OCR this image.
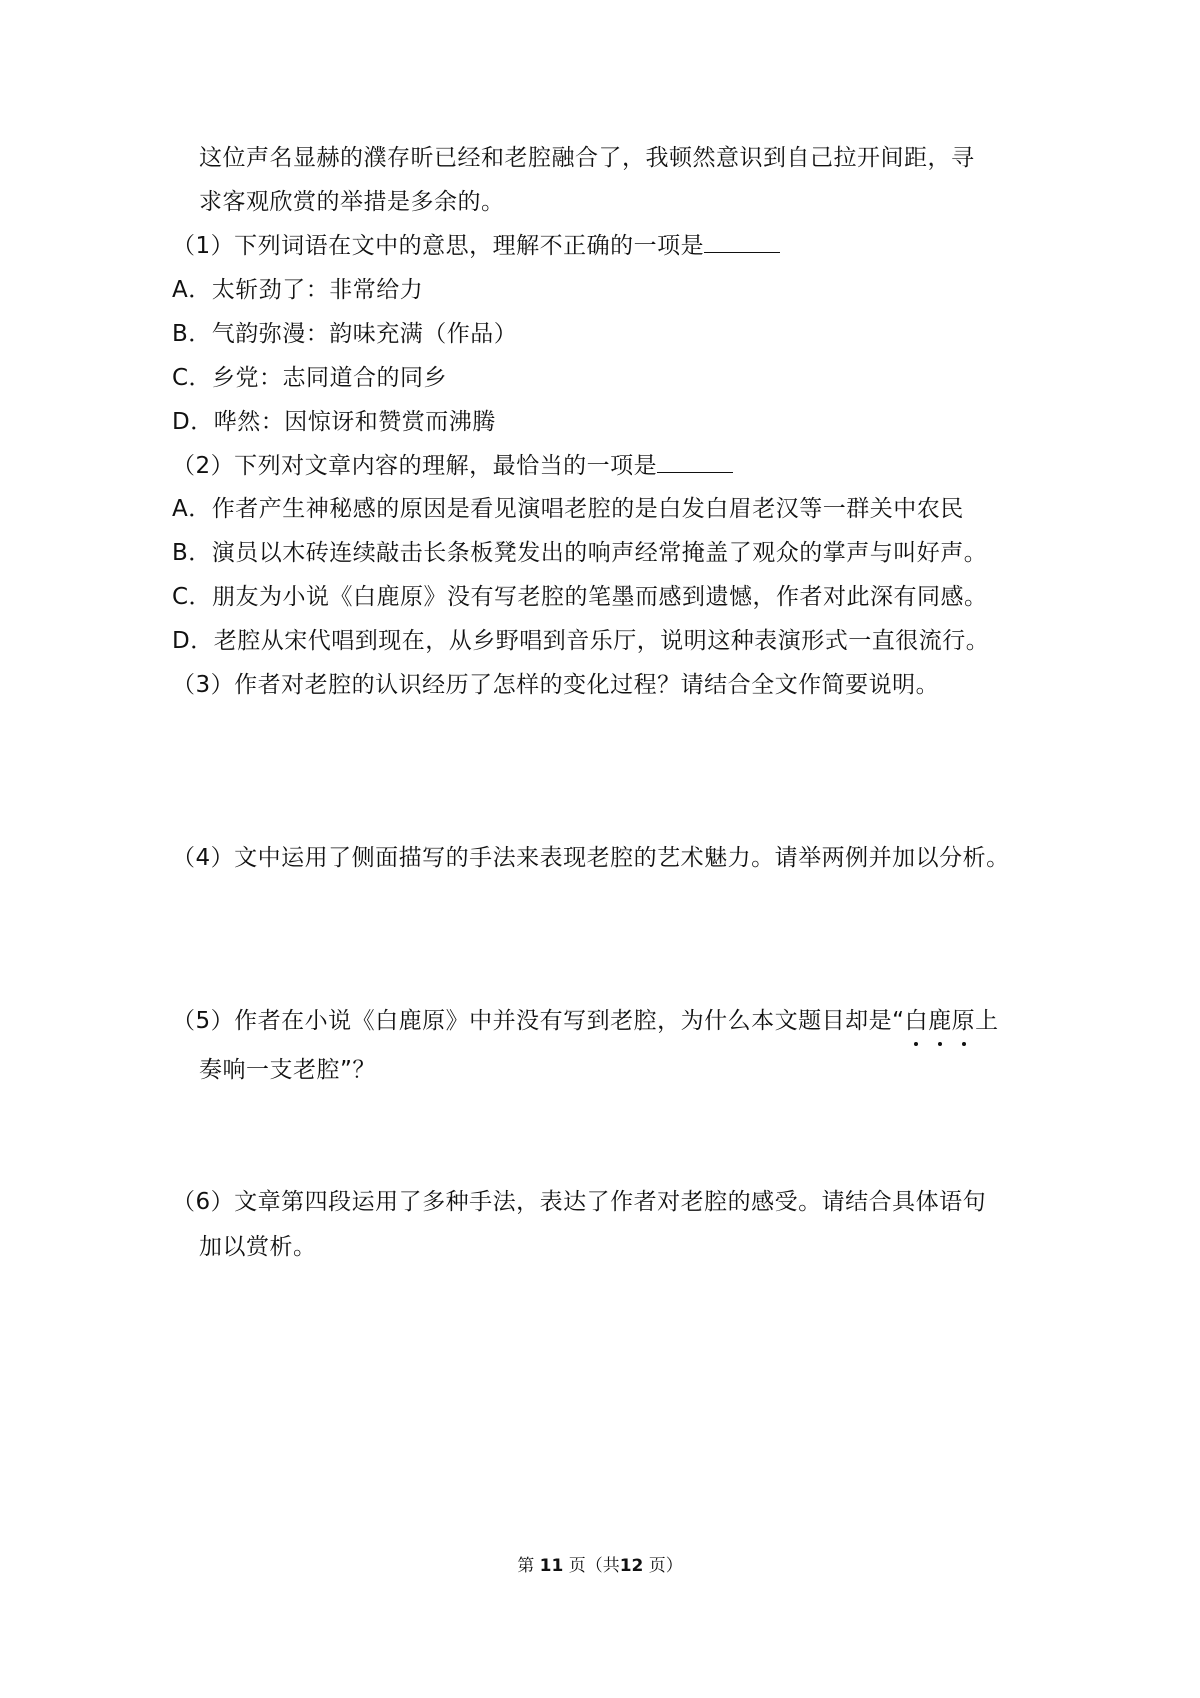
这位声名显赫的濮存昕已经和老腔融合了，我顿然意识到自己拉开间距，寻
求客观欣赏的举措是多余的。
（1）下列词语在文中的意思，理解不正确的一项是
A．太斩劲了：非常给力
B．气韵弥漫：韵味充满（作品）
C．乡党：志同道合的同乡
D．哗然：因惊讶和赞赏而沸腾
（2）下列对文章内容的理解，最恰当的一项是
A．作者产生神秘感的原因是看见演唱老腔的是白发白眉老汉等一群关中农民
B．演员以木砖连续敲击长条板凳发出的响声经常掩盖了观众的掌声与叫好声。
C．朋友为小说《白鹿原》没有写老腔的笔墨而感到遗憾，作者对此深有同感。
D．老腔从宋代唱到现在，从乡野唱到音乐厅，说明这种表演形式一直很流行。
（3）作者对老腔的认识经历了怎样的变化过程？请结合全文作简要说明。
（4）文中运用了侧面描写的手法来表现老腔的艺术魅力。请举两例并加以分析。
（5）作者在小说《白鹿原》中并没有写到老腔，为什么本文题目却是“白鹿原上
奏响一支老腔”？
（6）文章第四段运用了多种手法，表达了作者对老腔的感受。请结合具体语句
加以赏析。
第 11 页（共12 页）
